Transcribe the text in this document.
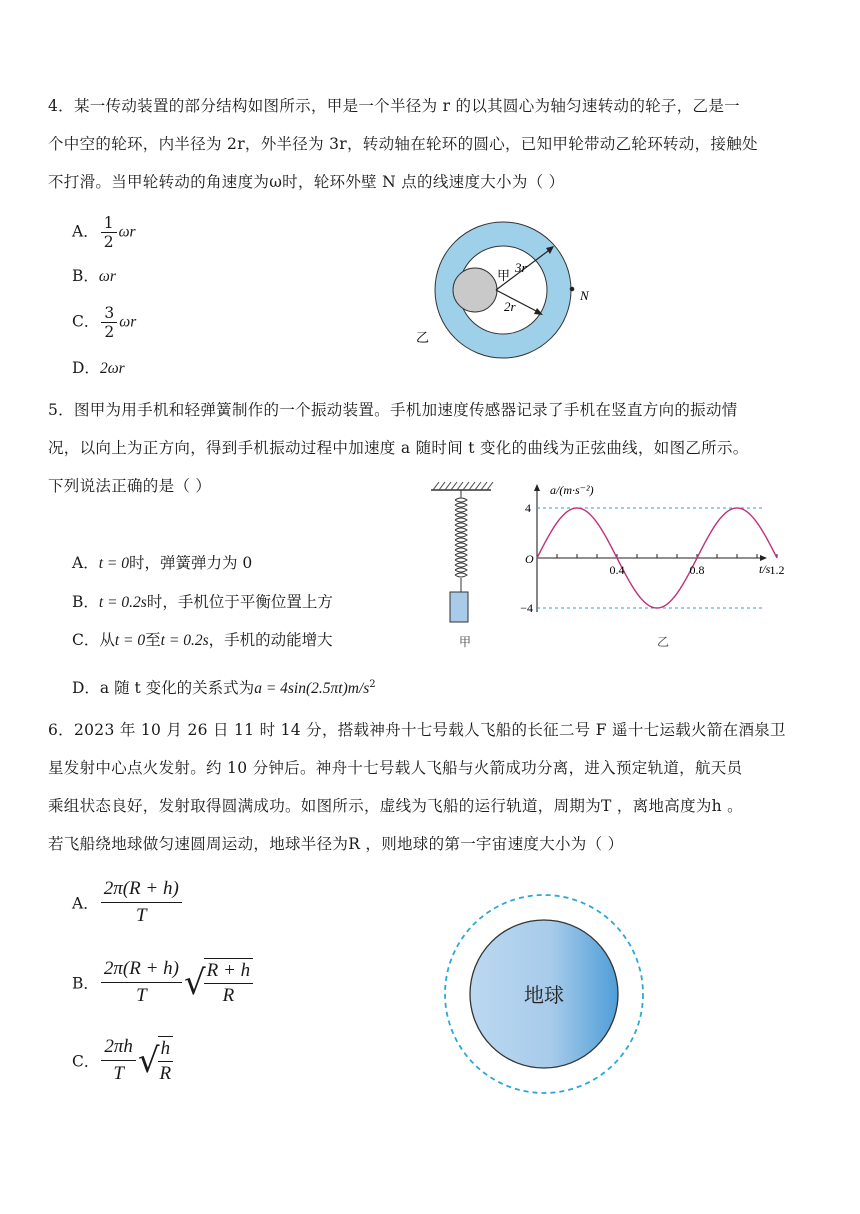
4．某一传动装置的部分结构如图所示，甲是一个半径为 r 的以其圆心为轴匀速转动的轮子，乙是一
个中空的轮环，内半径为 2r，外半径为 3r，转动轴在轮环的圆心，已知甲轮带动乙轮环转动，接触处
不打滑。当甲轮转动的角速度为ω时，轮环外壁 N 点的线速度大小为（ ）
A． $\frac{1}{2}$ ωr
B．ωr
C． $\frac{3}{2}$ ωr
D．2ωr
甲
3r
2r
N
乙
5．图甲为用手机和轻弹簧制作的一个振动装置。手机加速度传感器记录了手机在竖直方向的振动情
况，以向上为正方向，得到手机振动过程中加速度 a 随时间 t 变化的曲线为正弦曲线，如图乙所示。
下列说法正确的是（ ）
A．t = 0时，弹簧弹力为 0
B．t = 0.2s时，手机位于平衡位置上方
C．从t = 0至t = 0.2s，手机的动能增大
D．a 随 t 变化的关系式为$a = 4\sin(2.5\pi t)m/s^2$
甲
a/(m·s⁻²)
t/s
O
乙
0.4	0.8	1.2
4
−4
6．2023 年 10 月 26 日 11 时 14 分，搭载神舟十七号载人飞船的长征二号 F 遥十七运载火箭在酒泉卫
星发射中心点火发射。约 10 分钟后。神舟十七号载人飞船与火箭成功分离，进入预定轨道，航天员
乘组状态良好，发射取得圆满成功。如图所示，虚线为飞船的运行轨道，周期为T ，离地高度为h 。
若飞船绕地球做匀速圆周运动，地球半径为R ，则地球的第一宇宙速度大小为（ ）
A． $\frac{2\pi(R + h)}{T}$
B． $\frac{2\pi(R + h)}{T}$ √
$\frac{R + h}{R}$
C． $\frac{2\pi h}{T}$ √
$\frac{h}{R}$
地球
